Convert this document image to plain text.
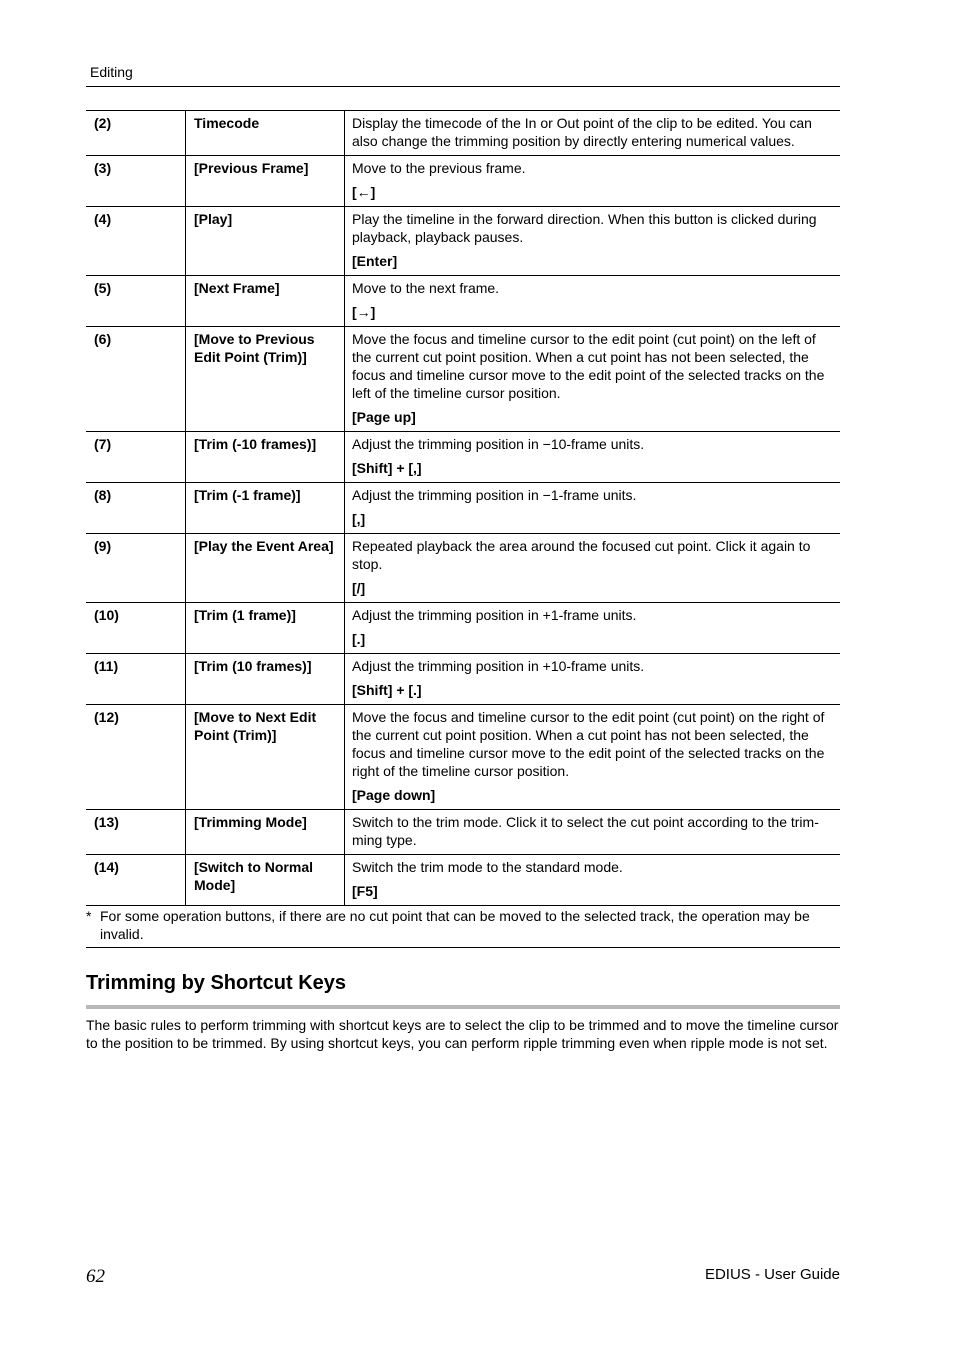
Editing
(2)	Timecode	Display the timecode of the In or Out point of the clip to be edited. You can also change the trimming position by directly entering numerical values.

(3)	[Previous Frame]	Move to the previous frame.
[←]

(4)	[Play]	Play the timeline in the forward direction. When this button is clicked during playback, playback pauses.
[Enter]

(5)	[Next Frame]	Move to the next frame.
[→]

(6)	[Move to Previous Edit Point (Trim)]	Move the focus and timeline cursor to the edit point (cut point) on the left of the current cut point position. When a cut point has not been selected, the focus and timeline cursor move to the edit point of the selected tracks on the left of the timeline cursor position.
[Page up]

(7)	[Trim (-10 frames)]	Adjust the trimming position in −10-frame units.
[Shift] + [,]

(8)	[Trim (-1 frame)]	Adjust the trimming position in −1-frame units.
[,]

(9)	[Play the Event Area]	Repeated playback the area around the focused cut point. Click it again to stop.
[/]

(10)	[Trim (1 frame)]	Adjust the trimming position in +1-frame units.
[.]

(11)	[Trim (10 frames)]	Adjust the trimming position in +10-frame units.
[Shift] + [.]

(12)	[Move to Next Edit Point (Trim)]	Move the focus and timeline cursor to the edit point (cut point) on the right of the current cut point position. When a cut point has not been selected, the focus and timeline cursor move to the edit point of the selected tracks on the right of the timeline cursor position.
[Page down]

(13)	[Trimming Mode]	Switch to the trim mode. Click it to select the cut point according to the trim-ming type.

(14)	[Switch to Normal Mode]	Switch the trim mode to the standard mode.
[F5]
* For some operation buttons, if there are no cut point that can be moved to the selected track, the operation may be invalid.
Trimming by Shortcut Keys
The basic rules to perform trimming with shortcut keys are to select the clip to be trimmed and to move the timeline cursor to the position to be trimmed. By using shortcut keys, you can perform ripple trimming even when ripple mode is not set.
62	EDIUS - User Guide
